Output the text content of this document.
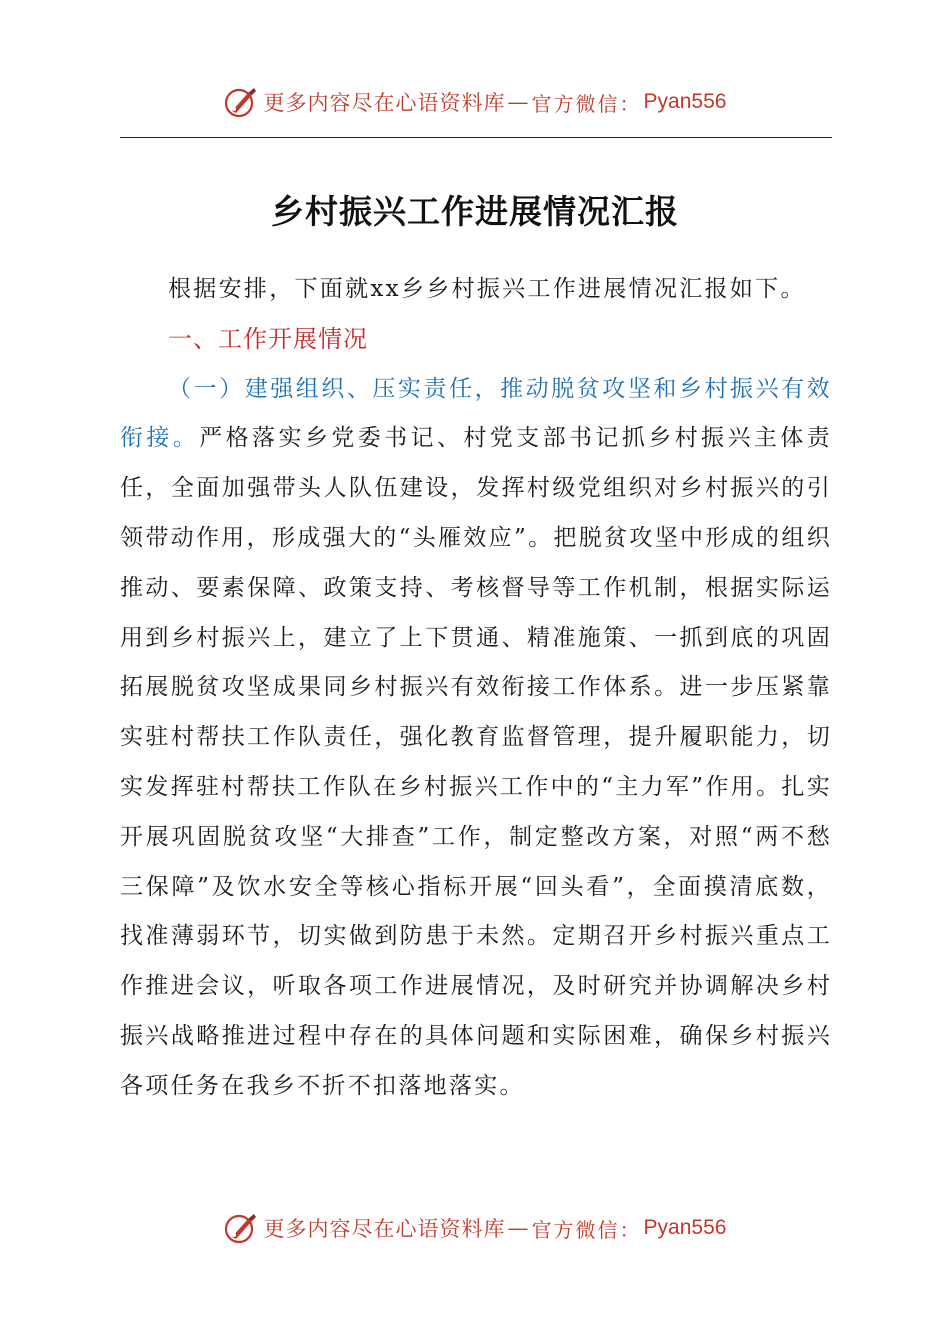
更多内容尽在心语资料库 — 官方微信： Pyan556
乡村振兴工作进展情况汇报

根据安排，下面就xx乡乡村振兴工作进展情况汇报如下。

一、工作开展情况

（一）建强组织、压实责任，推动脱贫攻坚和乡村振兴有效衔接。严格落实乡党委书记、村党支部书记抓乡村振兴主体责任，全面加强带头人队伍建设，发挥村级党组织对乡村振兴的引领带动作用，形成强大的“头雁效应”。把脱贫攻坚中形成的组织推动、要素保障、政策支持、考核督导等工作机制，根据实际运用到乡村振兴上，建立了上下贯通、精准施策、一抓到底的巩固拓展脱贫攻坚成果同乡村振兴有效衔接工作体系。进一步压紧靠实驻村帮扶工作队责任，强化教育监督管理，提升履职能力，切实发挥驻村帮扶工作队在乡村振兴工作中的“主力军”作用。扎实开展巩固脱贫攻坚“大排查”工作，制定整改方案，对照“两不愁三保障”及饮水安全等核心指标开展“回头看”，全面摸清底数，找准薄弱环节，切实做到防患于未然。定期召开乡村振兴重点工作推进会议，听取各项工作进展情况，及时研究并协调解决乡村振兴战略推进过程中存在的具体问题和实际困难，确保乡村振兴各项任务在我乡不折不扣落地落实。

更多内容尽在心语资料库 — 官方微信： Pyan556
